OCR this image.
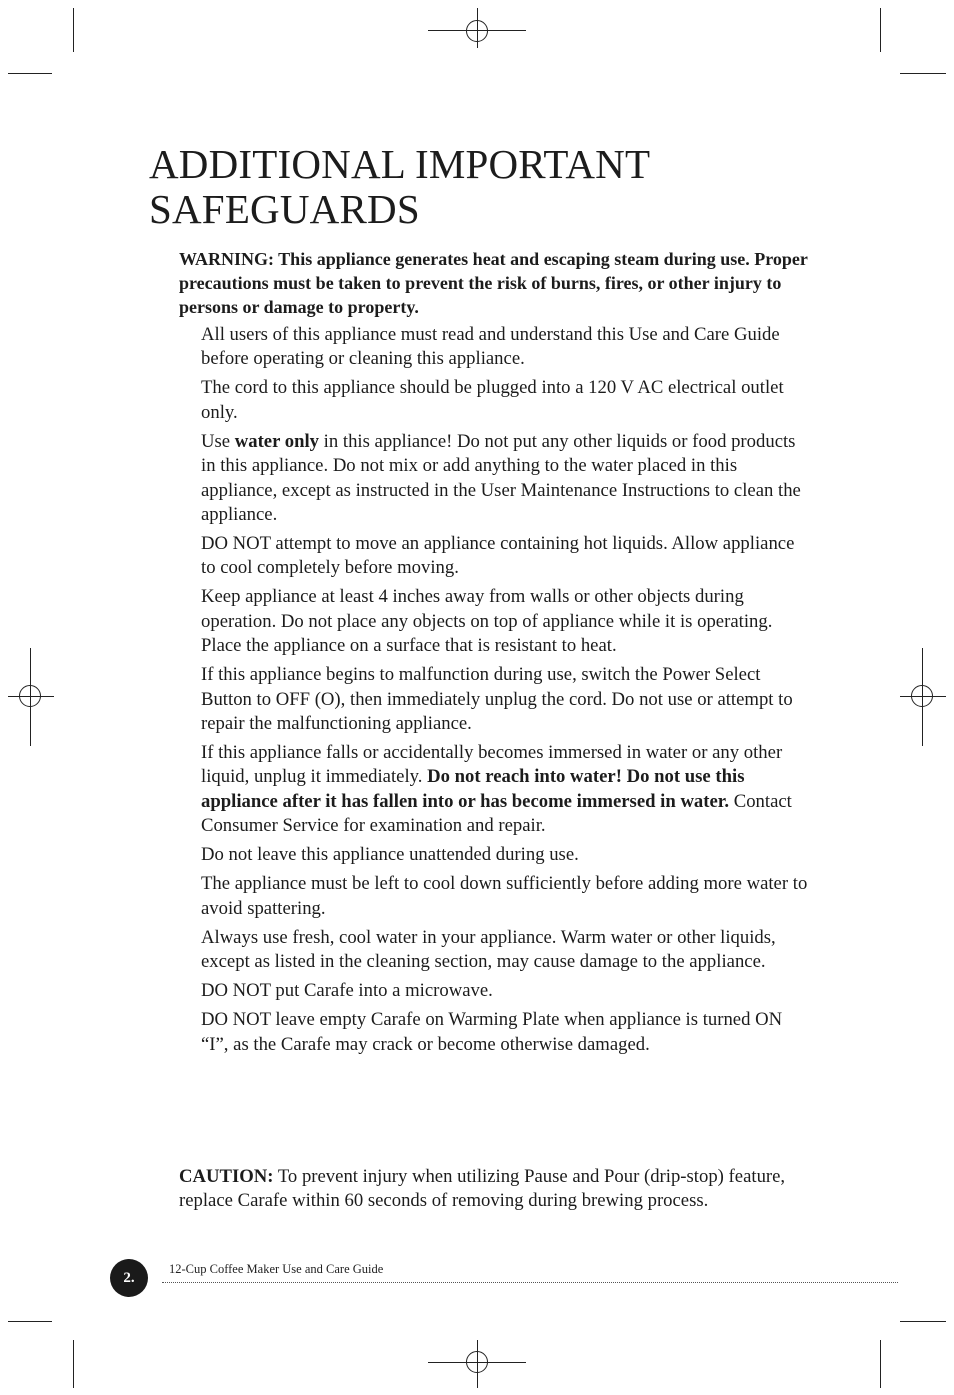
ADDITIONAL IMPORTANT
SAFEGUARDS

WARNING: This appliance generates heat and escaping steam during use. Proper precautions must be taken to prevent the risk of burns, fires, or other injury to persons or damage to property.

All users of this appliance must read and understand this Use and Care Guide before operating or cleaning this appliance.
The cord to this appliance should be plugged into a 120 V AC electrical outlet only.
Use water only in this appliance! Do not put any other liquids or food products in this appliance. Do not mix or add anything to the water placed in this appliance, except as instructed in the User Maintenance Instructions to clean the appliance.
DO NOT attempt to move an appliance containing hot liquids. Allow appliance to cool completely before moving.
Keep appliance at least 4 inches away from walls or other objects during operation. Do not place any objects on top of appliance while it is operating. Place the appliance on a surface that is resistant to heat.
If this appliance begins to malfunction during use, switch the Power Select Button to OFF (O), then immediately unplug the cord. Do not use or attempt to repair the malfunctioning appliance.
If this appliance falls or accidentally becomes immersed in water or any other liquid, unplug it immediately. Do not reach into water! Do not use this appliance after it has fallen into or has become immersed in water. Contact Consumer Service for examination and repair.
Do not leave this appliance unattended during use.
The appliance must be left to cool down sufficiently before adding more water to avoid spattering.
Always use fresh, cool water in your appliance. Warm water or other liquids, except as listed in the cleaning section, may cause damage to the appliance.
DO NOT put Carafe into a microwave.
DO NOT leave empty Carafe on Warming Plate when appliance is turned ON “I”, as the Carafe may crack or become otherwise damaged.

CAUTION: To prevent injury when utilizing Pause and Pour (drip-stop) feature, replace Carafe within 60 seconds of removing during brewing process.

2.
12-Cup Coffee Maker Use and Care Guide
